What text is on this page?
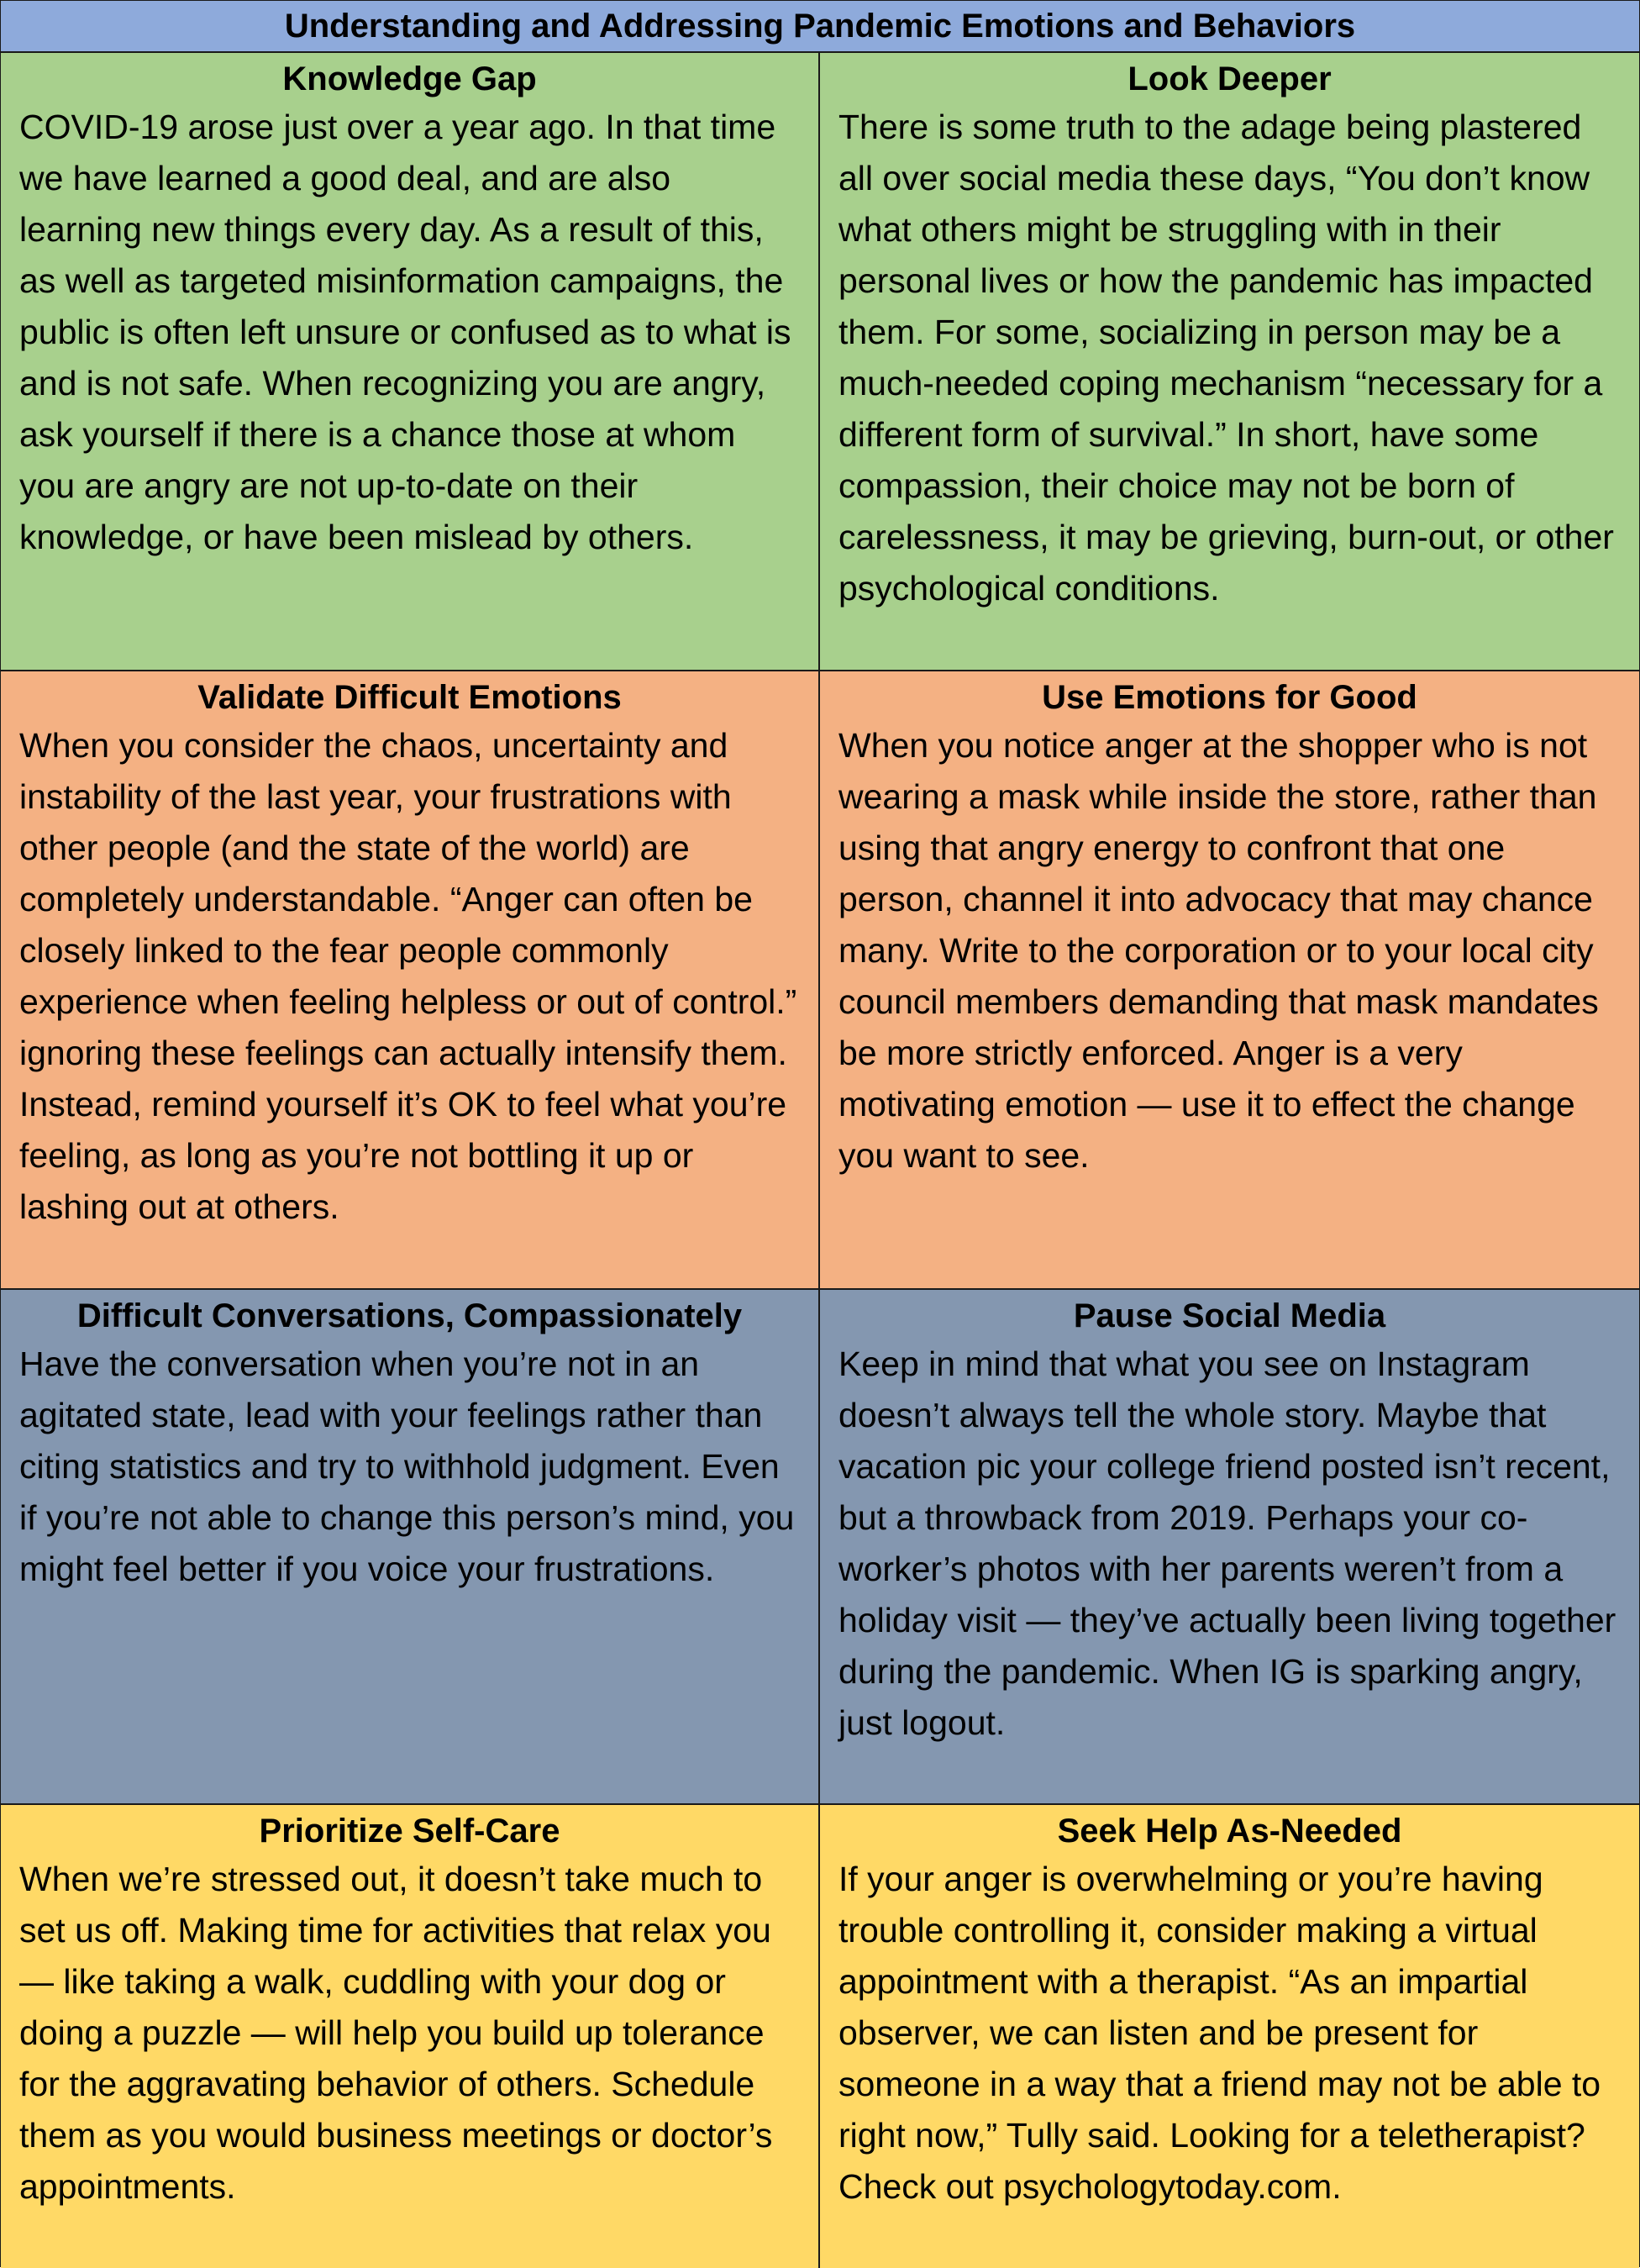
Understanding and Addressing Pandemic Emotions and Behaviors

Knowledge Gap

COVID-19 arose just over a year ago. In that time we have learned a good deal, and are also learning new things every day. As a result of this, as well as targeted misinformation campaigns, the public is often left unsure or confused as to what is and is not safe. When recognizing you are angry, ask yourself if there is a chance those at whom you are angry are not up-to-date on their knowledge, or have been mislead by others.

Look Deeper

There is some truth to the adage being plastered all over social media these days, “You don’t know what others might be struggling with in their personal lives or how the pandemic has impacted them. For some, socializing in person may be a much-needed coping mechanism “necessary for a different form of survival.” In short, have some compassion, their choice may not be born of carelessness, it may be grieving, burn-out, or other psychological conditions.

Validate Difficult Emotions

When you consider the chaos, uncertainty and instability of the last year, your frustrations with other people (and the state of the world) are completely understandable. “Anger can often be closely linked to the fear people commonly experience when feeling helpless or out of control.” ignoring these feelings can actually intensify them. Instead, remind yourself it’s OK to feel what you’re feeling, as long as you’re not bottling it up or lashing out at others.

Use Emotions for Good

When you notice anger at the shopper who is not wearing a mask while inside the store, rather than using that angry energy to confront that one person, channel it into advocacy that may chance many. Write to the corporation or to your local city council members demanding that mask mandates be more strictly enforced. Anger is a very motivating emotion — use it to effect the change you want to see.

Difficult Conversations, Compassionately

Have the conversation when you’re not in an agitated state, lead with your feelings rather than citing statistics and try to withhold judgment. Even if you’re not able to change this person’s mind, you might feel better if you voice your frustrations.

Pause Social Media

Keep in mind that what you see on Instagram doesn’t always tell the whole story. Maybe that vacation pic your college friend posted isn’t recent, but a throwback from 2019. Perhaps your co-worker’s photos with her parents weren’t from a holiday visit — they’ve actually been living together during the pandemic. When IG is sparking angry, just logout.

Prioritize Self-Care

When we’re stressed out, it doesn’t take much to set us off. Making time for activities that relax you — like taking a walk, cuddling with your dog or doing a puzzle — will help you build up tolerance for the aggravating behavior of others. Schedule them as you would business meetings or doctor’s appointments.

Seek Help As-Needed

If your anger is overwhelming or you’re having trouble controlling it, consider making a virtual appointment with a therapist. “As an impartial observer, we can listen and be present for someone in a way that a friend may not be able to right now,” Tully said. Looking for a teletherapist? Check out psychologytoday.com.
